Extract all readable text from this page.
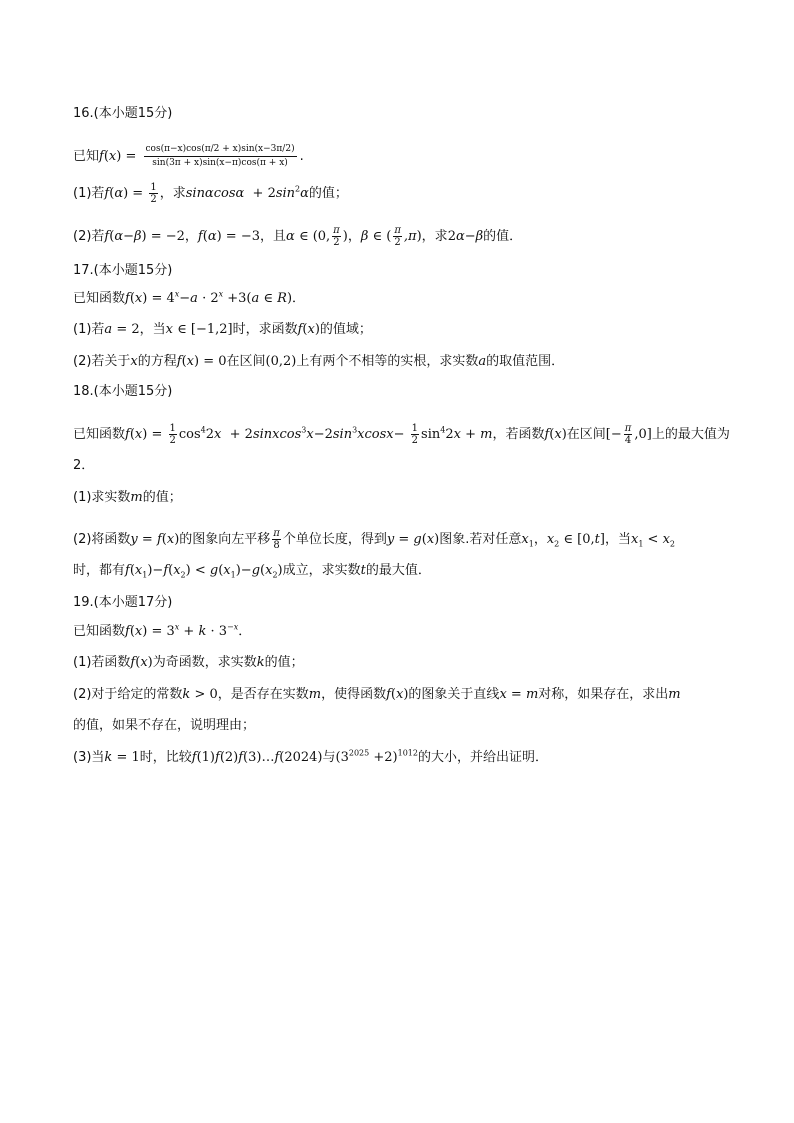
16.(本小题15分)
已知$f(x) = \frac{\cos(\pi-x)\cos(\pi/2 + x)\sin(x-3\pi/2)}{\sin(3\pi + x)\sin(x-\pi)\cos(\pi + x)}$ .
(1)若$f(\alpha) = \frac{1}{2}$ ，求$\sin\alpha\cos\alpha + 2\sin^2\alpha$的值；
(2)若f(α−β) = −2，f(α) = −3，且α ∈ (0, $\frac{\pi}{2}$ )，β ∈ ( $\frac{\pi}{2} ,\pi$)，求2α−β的值．
17.(本小题15分)
已知函数$f(x) = 4^x-a \cdot 2^x +3(a$ ∈ R)．
(1)若a = 2，当x ∈ [−1,2]时，求函数f(x)的值域；
(2)若关于x的方程f(x) = 0在区间(0,2)上有两个不相等的实根，求实数a的取值范围．
18.(本小题15分)
已知函数$f(x) = \frac{1}{2} \cos^42x$ + $2sinxcos^3x-2\sin^3xcosx- \frac{1}{2} \sin^42x + m$，若函数f(x)在区间[− $\frac{\pi}{4} ,0$]上的最大值为
2．
(1)求实数m的值；
(2)将函数y = f(x)的图象向左平移 $\frac{\pi}{8}$ 个单位长度，得到y = g(x)图象.若对任意$x_1$，$x_2$ ∈ [0,t]，当$x_1 < x_2$
时，都有$f(x_1)-f(x_2) < g(x_1)-g(x_2)$成立，求实数t的最大值．
19.(本小题17分)
已知函数$f(x) = 3^x + k \cdot 3^{-x}$．
(1)若函数f(x)为奇函数，求实数k的值；
(2)对于给定的常数k > 0，是否存在实数m，使得函数f(x)的图象关于直线x = m对称，如果存在，求出m
的值，如果不存在，说明理由；
(3)当k = 1时，比较f(1)f(2)f(3)…f(2024)与$(3^{2025} +2)^{1012}$的大小，并给出证明．
